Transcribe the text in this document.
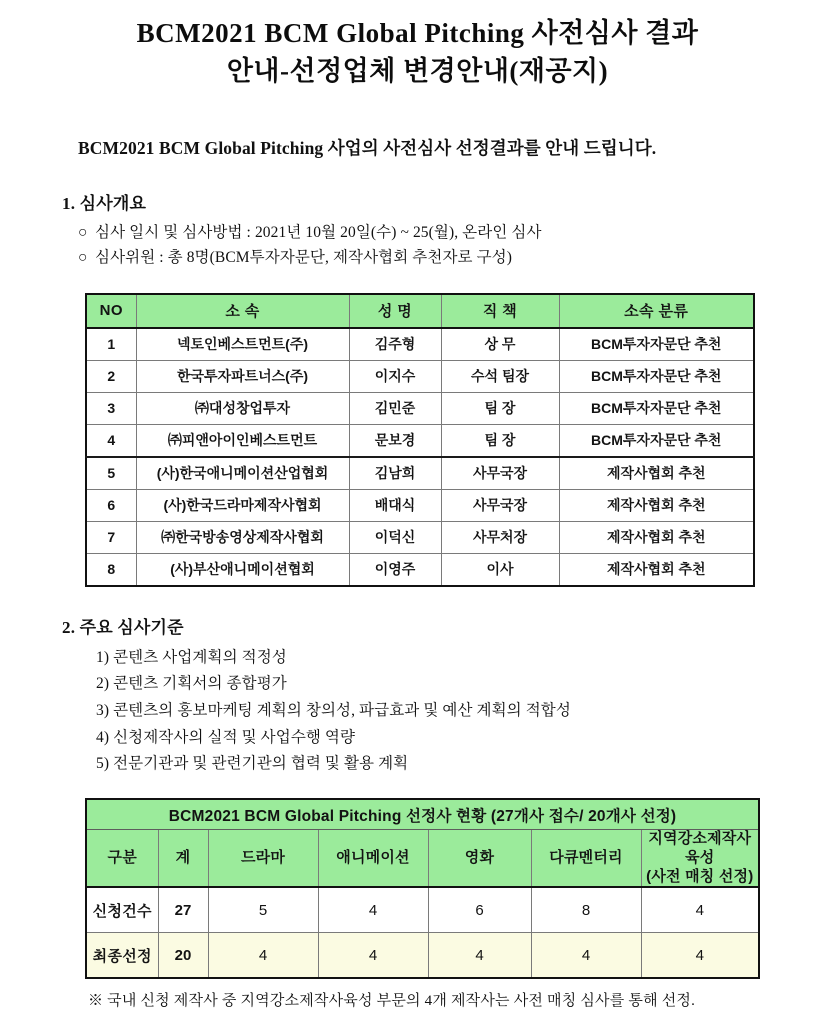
BCM2021 BCM Global Pitching 사전심사 결과
안내-선정업체 변경안내(재공지)
BCM2021 BCM Global Pitching 사업의 사전심사 선정결과를 안내 드립니다.
1. 심사개요
○ 심사 일시 및 심사방법 : 2021년 10월 20일(수) ~ 25(월), 온라인 심사
○ 심사위원 : 총 8명(BCM투자자문단, 제작사협회 추천자로 구성)
NO	소 속	성 명	직 책	소속 분류
1	넥토인베스트먼트(주)	김주형	상 무	BCM투자자문단 추천
2	한국투자파트너스(주)	이지수	수석 팀장	BCM투자자문단 추천
3	㈜대성창업투자	김민준	팀 장	BCM투자자문단 추천
4	㈜피앤아이인베스트먼트	문보경	팀 장	BCM투자자문단 추천
5	(사)한국애니메이션산업협회	김남희	사무국장	제작사협회 추천
6	(사)한국드라마제작사협회	배대식	사무국장	제작사협회 추천
7	㈜한국방송영상제작사협회	이덕신	사무처장	제작사협회 추천
8	(사)부산애니메이션협회	이영주	이사	제작사협회 추천
2. 주요 심사기준
1) 콘텐츠 사업계획의 적정성
2) 콘텐츠 기획서의 종합평가
3) 콘텐츠의 홍보마케팅 계획의 창의성, 파급효과 및 예산 계획의 적합성
4) 신청제작사의 실적 및 사업수행 역량
5) 전문기관과 및 관련기관의 협력 및 활용 계획
BCM2021 BCM Global Pitching 선정사 현황 (27개사 접수/ 20개사 선정)						
구분	계	드라마	애니메이션	영화	다큐멘터리	지역강소제작사육성
(사전 매칭 선정)
신청건수	27	5	4	6	8	4
최종선정	20	4	4	4	4	4
※ 국내 신청 제작사 중 지역강소제작사육성 부문의 4개 제작사는 사전 매칭 심사를 통해 선정.
